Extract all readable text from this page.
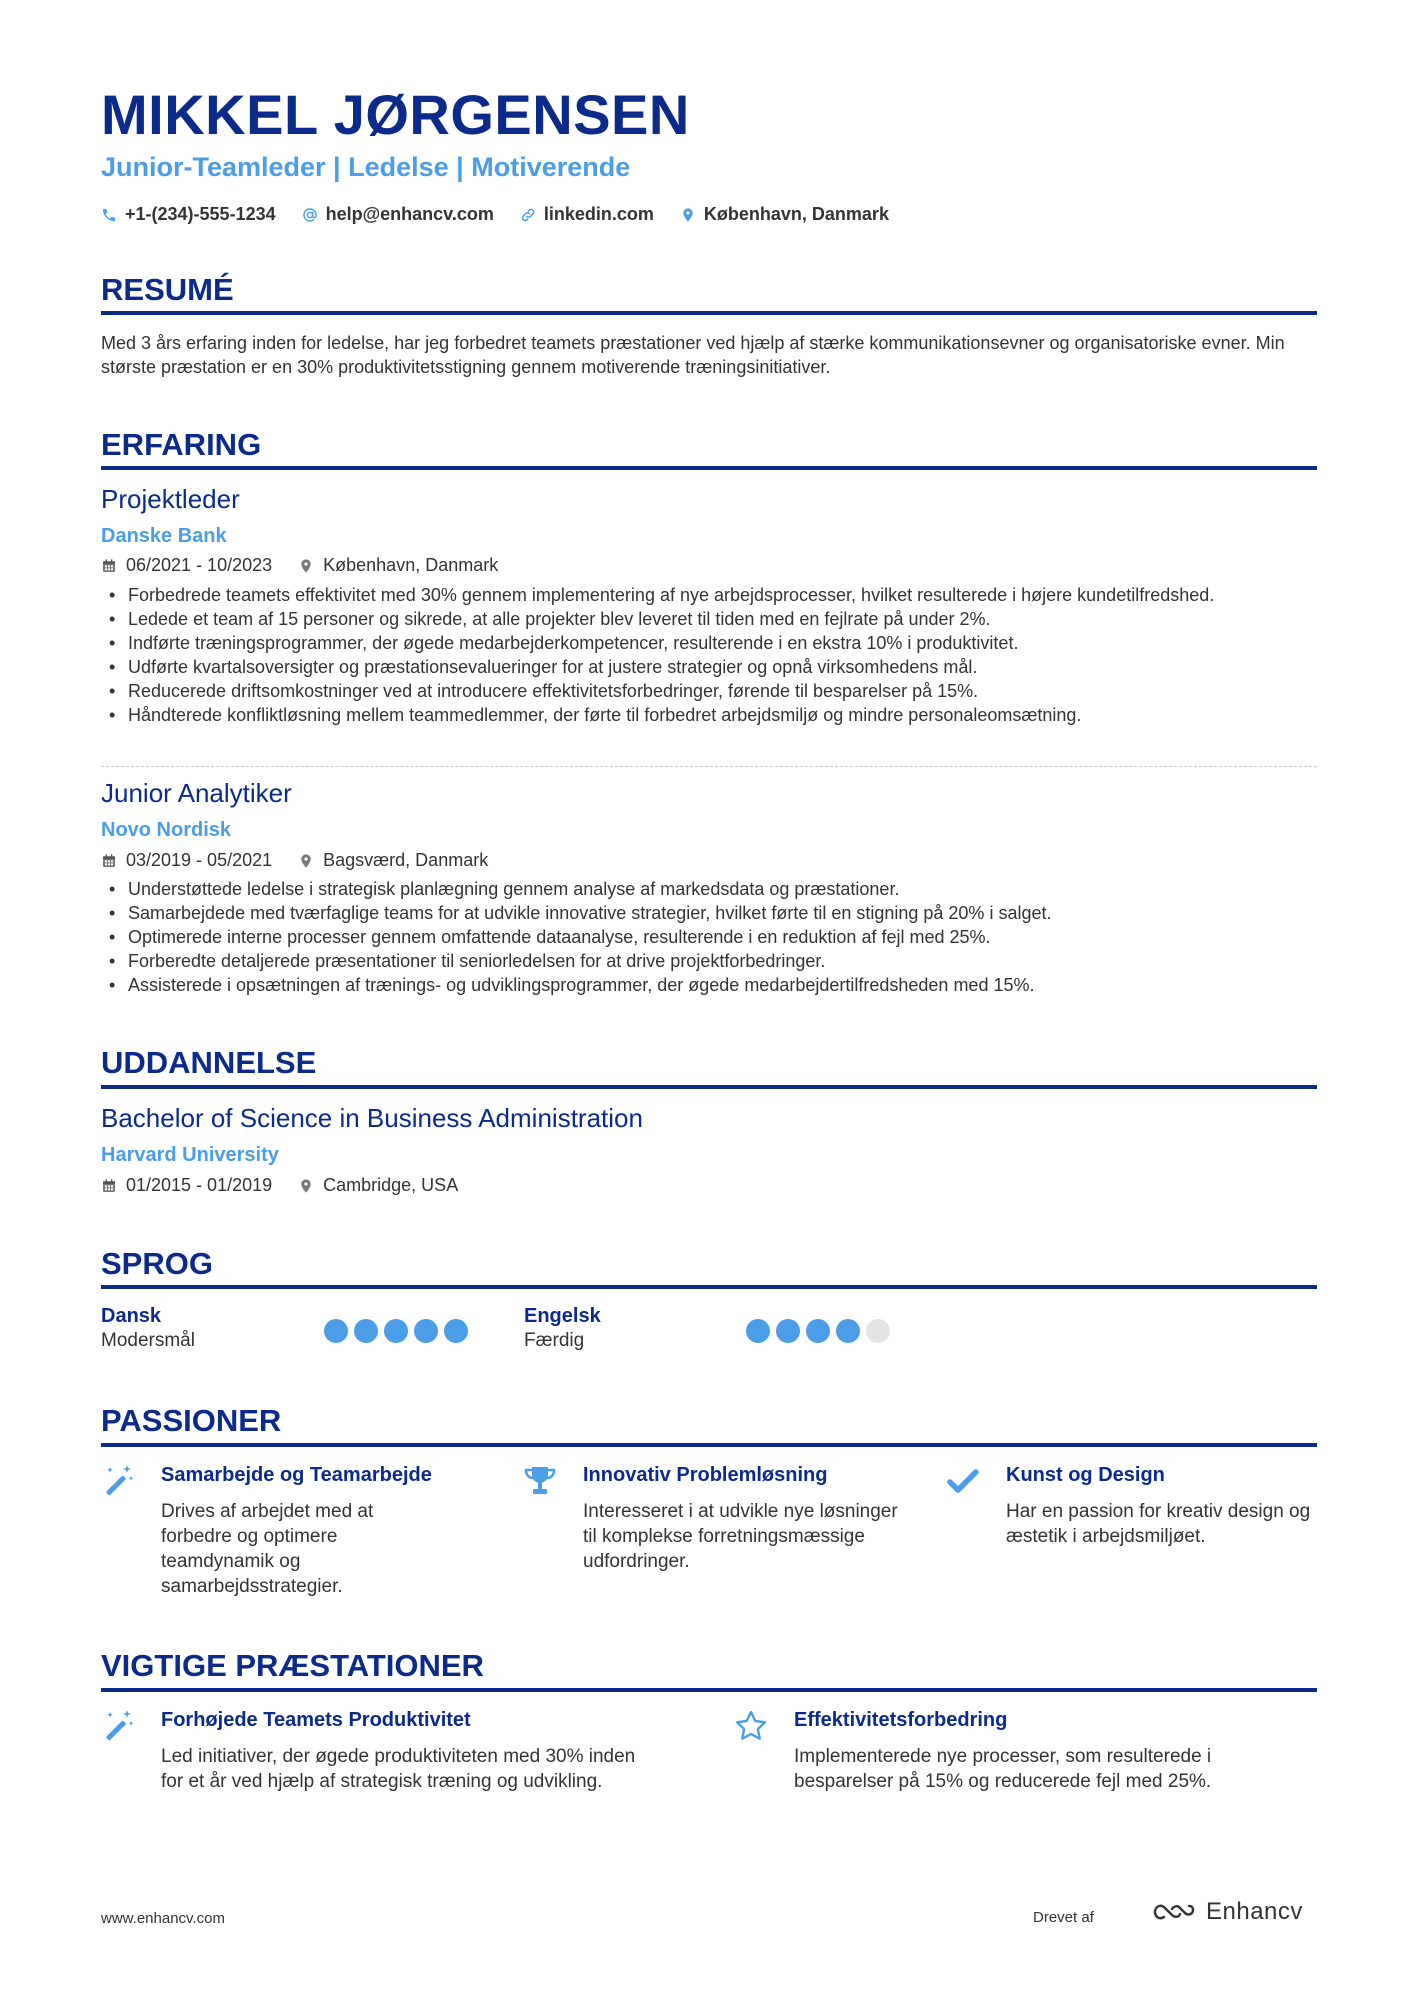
MIKKEL JØRGENSEN
Junior-Teamleder | Ledelse | Motiverende
+1-(234)-555-1234	help@enhancv.com	linkedin.com	København, Danmark
RESUMÉ
Med 3 års erfaring inden for ledelse, har jeg forbedret teamets præstationer ved hjælp af stærke kommunikationsevner og organisatoriske evner. Min største præstation er en 30% produktivitetsstigning gennem motiverende træningsinitiativer.
ERFARING
Projektleder
Danske Bank
06/2021 - 10/2023	København, Danmark
• Forbedrede teamets effektivitet med 30% gennem implementering af nye arbejdsprocesser, hvilket resulterede i højere kundetilfredshed.
• Ledede et team af 15 personer og sikrede, at alle projekter blev leveret til tiden med en fejlrate på under 2%.
• Indførte træningsprogrammer, der øgede medarbejderkompetencer, resulterende i en ekstra 10% i produktivitet.
• Udførte kvartalsoversigter og præstationsevalueringer for at justere strategier og opnå virksomhedens mål.
• Reducerede driftsomkostninger ved at introducere effektivitetsforbedringer, førende til besparelser på 15%.
• Håndterede konfliktløsning mellem teammedlemmer, der førte til forbedret arbejdsmiljø og mindre personaleomsætning.
Junior Analytiker
Novo Nordisk
03/2019 - 05/2021	Bagsværd, Danmark
• Understøttede ledelse i strategisk planlægning gennem analyse af markedsdata og præstationer.
• Samarbejdede med tværfaglige teams for at udvikle innovative strategier, hvilket førte til en stigning på 20% i salget.
• Optimerede interne processer gennem omfattende dataanalyse, resulterende i en reduktion af fejl med 25%.
• Forberedte detaljerede præsentationer til seniorledelsen for at drive projektforbedringer.
• Assisterede i opsætningen af trænings- og udviklingsprogrammer, der øgede medarbejdertilfredsheden med 15%.
UDDANNELSE
Bachelor of Science in Business Administration
Harvard University
01/2015 - 01/2019	Cambridge, USA
SPROG
Dansk
Modersmål
Engelsk
Færdig
PASSIONER
Samarbejde og Teamarbejde
Drives af arbejdet med at forbedre og optimere teamdynamik og samarbejdsstrategier.
Innovativ Problemløsning
Interesseret i at udvikle nye løsninger til komplekse forretningsmæssige udfordringer.
Kunst og Design
Har en passion for kreativ design og æstetik i arbejdsmiljøet.
VIGTIGE PRÆSTATIONER
Forhøjede Teamets Produktivitet
Led initiativer, der øgede produktiviteten med 30% inden for et år ved hjælp af strategisk træning og udvikling.
Effektivitetsforbedring
Implementerede nye processer, som resulterede i besparelser på 15% og reducerede fejl med 25%.
www.enhancv.com	Drevet af	Enhancv
